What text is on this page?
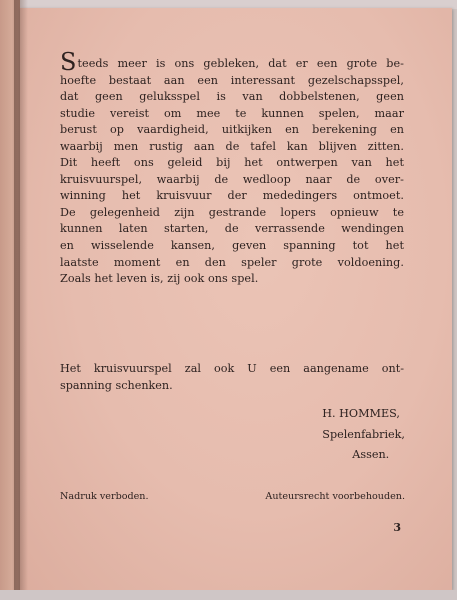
Steeds meer is ons gebleken, dat er een grote be-
hoefte bestaat aan een interessant gezelschapsspel,
dat geen geluksspel is van dobbelstenen, geen
studie vereist om mee te kunnen spelen, maar
berust op vaardigheid, uitkijken en berekening en
waarbij men rustig aan de tafel kan blijven zitten.
Dit heeft ons geleid bij het ontwerpen van het
kruisvuurspel, waarbij de wedloop naar de over-
winning het kruisvuur der mededingers ontmoet.
De gelegenheid zijn gestrande lopers opnieuw te
kunnen laten starten, de verrassende wendingen
en wisselende kansen, geven spanning tot het
laatste moment en den speler grote voldoening.
Zoals het leven is, zij ook ons spel.
Het kruisvuurspel zal ook U een aangename ont-
spanning schenken.
H. HOMMES,
Spelenfabriek,
Assen.
Nadruk verboden.	Auteursrecht voorbehouden.
3
